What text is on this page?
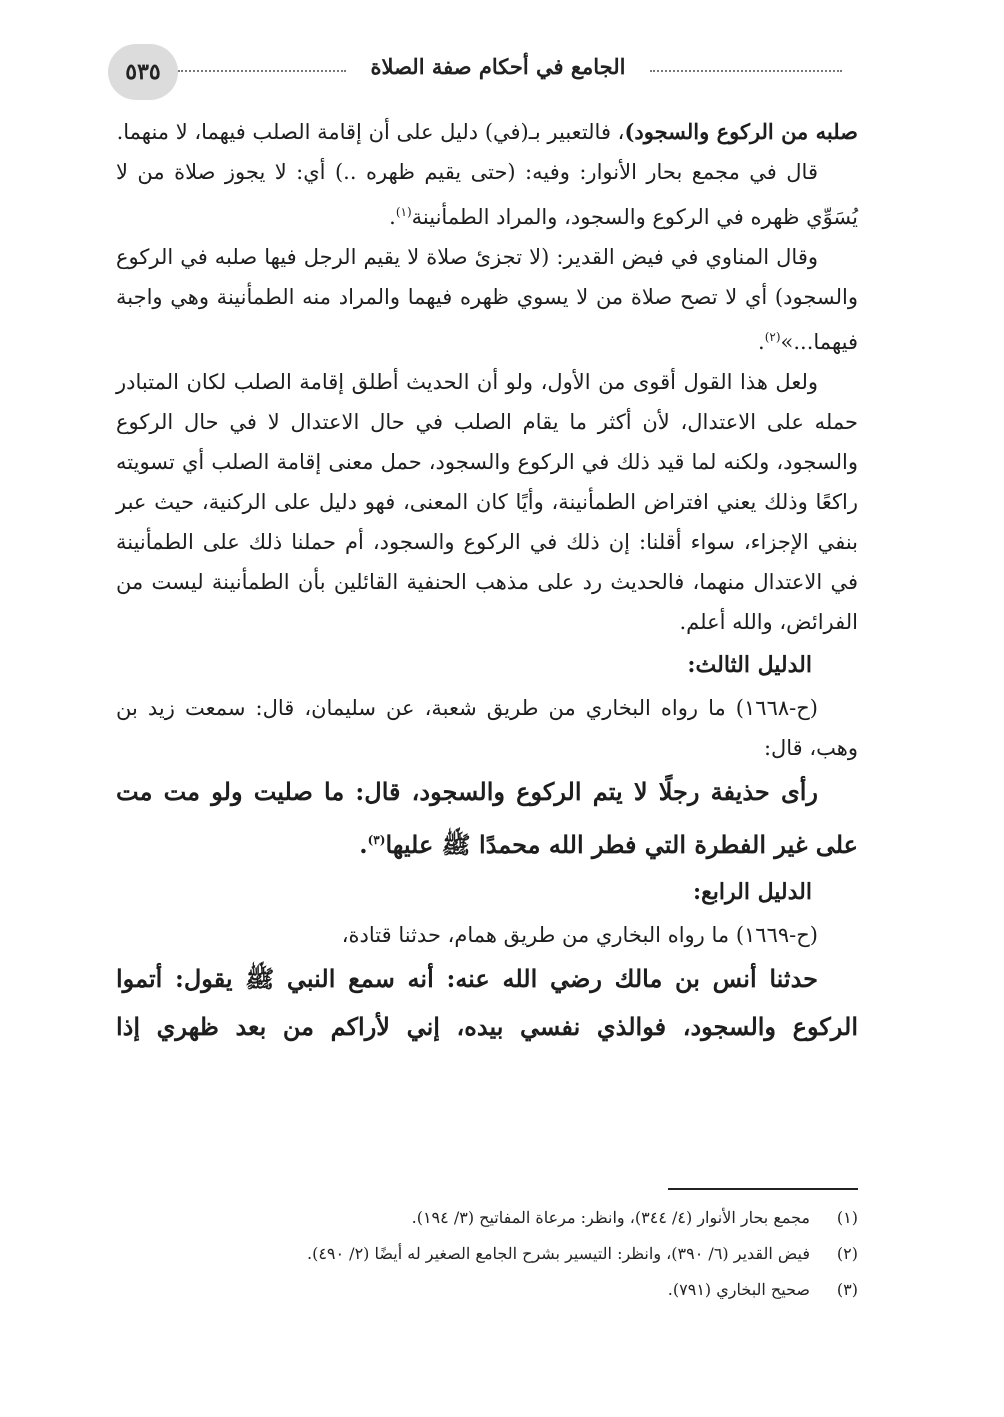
٥٣٥	الجامع في أحكام صفة الصلاة

صلبه من الركوع والسجود)، فالتعبير بـ(في) دليل على أن إقامة الصلب فيهما، لا منهما.

قال في مجمع بحار الأنوار: وفيه: (حتى يقيم ظهره ..) أي: لا يجوز صلاة من لا يُسَوِّي ظهره في الركوع والسجود، والمراد الطمأنينة$^{(١)}$.

وقال المناوي في فيض القدير: (لا تجزئ صلاة لا يقيم الرجل فيها صلبه في الركوع والسجود) أي لا تصح صلاة من لا يسوي ظهره فيهما والمراد منه الطمأنينة وهي واجبة فيهما...»$^{(٢)}$.

ولعل هذا القول أقوى من الأول، ولو أن الحديث أطلق إقامة الصلب لكان المتبادر حمله على الاعتدال، لأن أكثر ما يقام الصلب في حال الاعتدال لا في حال الركوع والسجود، ولكنه لما قيد ذلك في الركوع والسجود، حمل معنى إقامة الصلب أي تسويته راكعًا وذلك يعني افتراض الطمأنينة، وأيًا كان المعنى، فهو دليل على الركنية، حيث عبر بنفي الإجزاء، سواء أقلنا: إن ذلك في الركوع والسجود، أم حملنا ذلك على الطمأنينة في الاعتدال منهما، فالحديث رد على مذهب الحنفية القائلين بأن الطمأنينة ليست من الفرائض، والله أعلم.

الدليل الثالث:

(ح-١٦٦٨) ما رواه البخاري من طريق شعبة، عن سليمان، قال: سمعت زيد بن وهب، قال:

رأى حذيفة رجلًا لا يتم الركوع والسجود، قال: ما صليت ولو مت مت على غير الفطرة التي فطر الله محمدًا ﷺ عليها$^{(٣)}$.

الدليل الرابع:

(ح-١٦٦٩) ما رواه البخاري من طريق همام، حدثنا قتادة،

حدثنا أنس بن مالك رضي الله عنه: أنه سمع النبي ﷺ يقول: أتموا الركوع والسجود، فوالذي نفسي بيده، إني لأراكم من بعد ظهري إذا

(١)مجمع بحار الأنوار (٤/ ٣٤٤)، وانظر: مرعاة المفاتيح (٣/ ١٩٤).

(٢)فيض القدير (٦/ ٣٩٠)، وانظر: التيسير بشرح الجامع الصغير له أيضًا (٢/ ٤٩٠).

(٣)صحيح البخاري (٧٩١).
